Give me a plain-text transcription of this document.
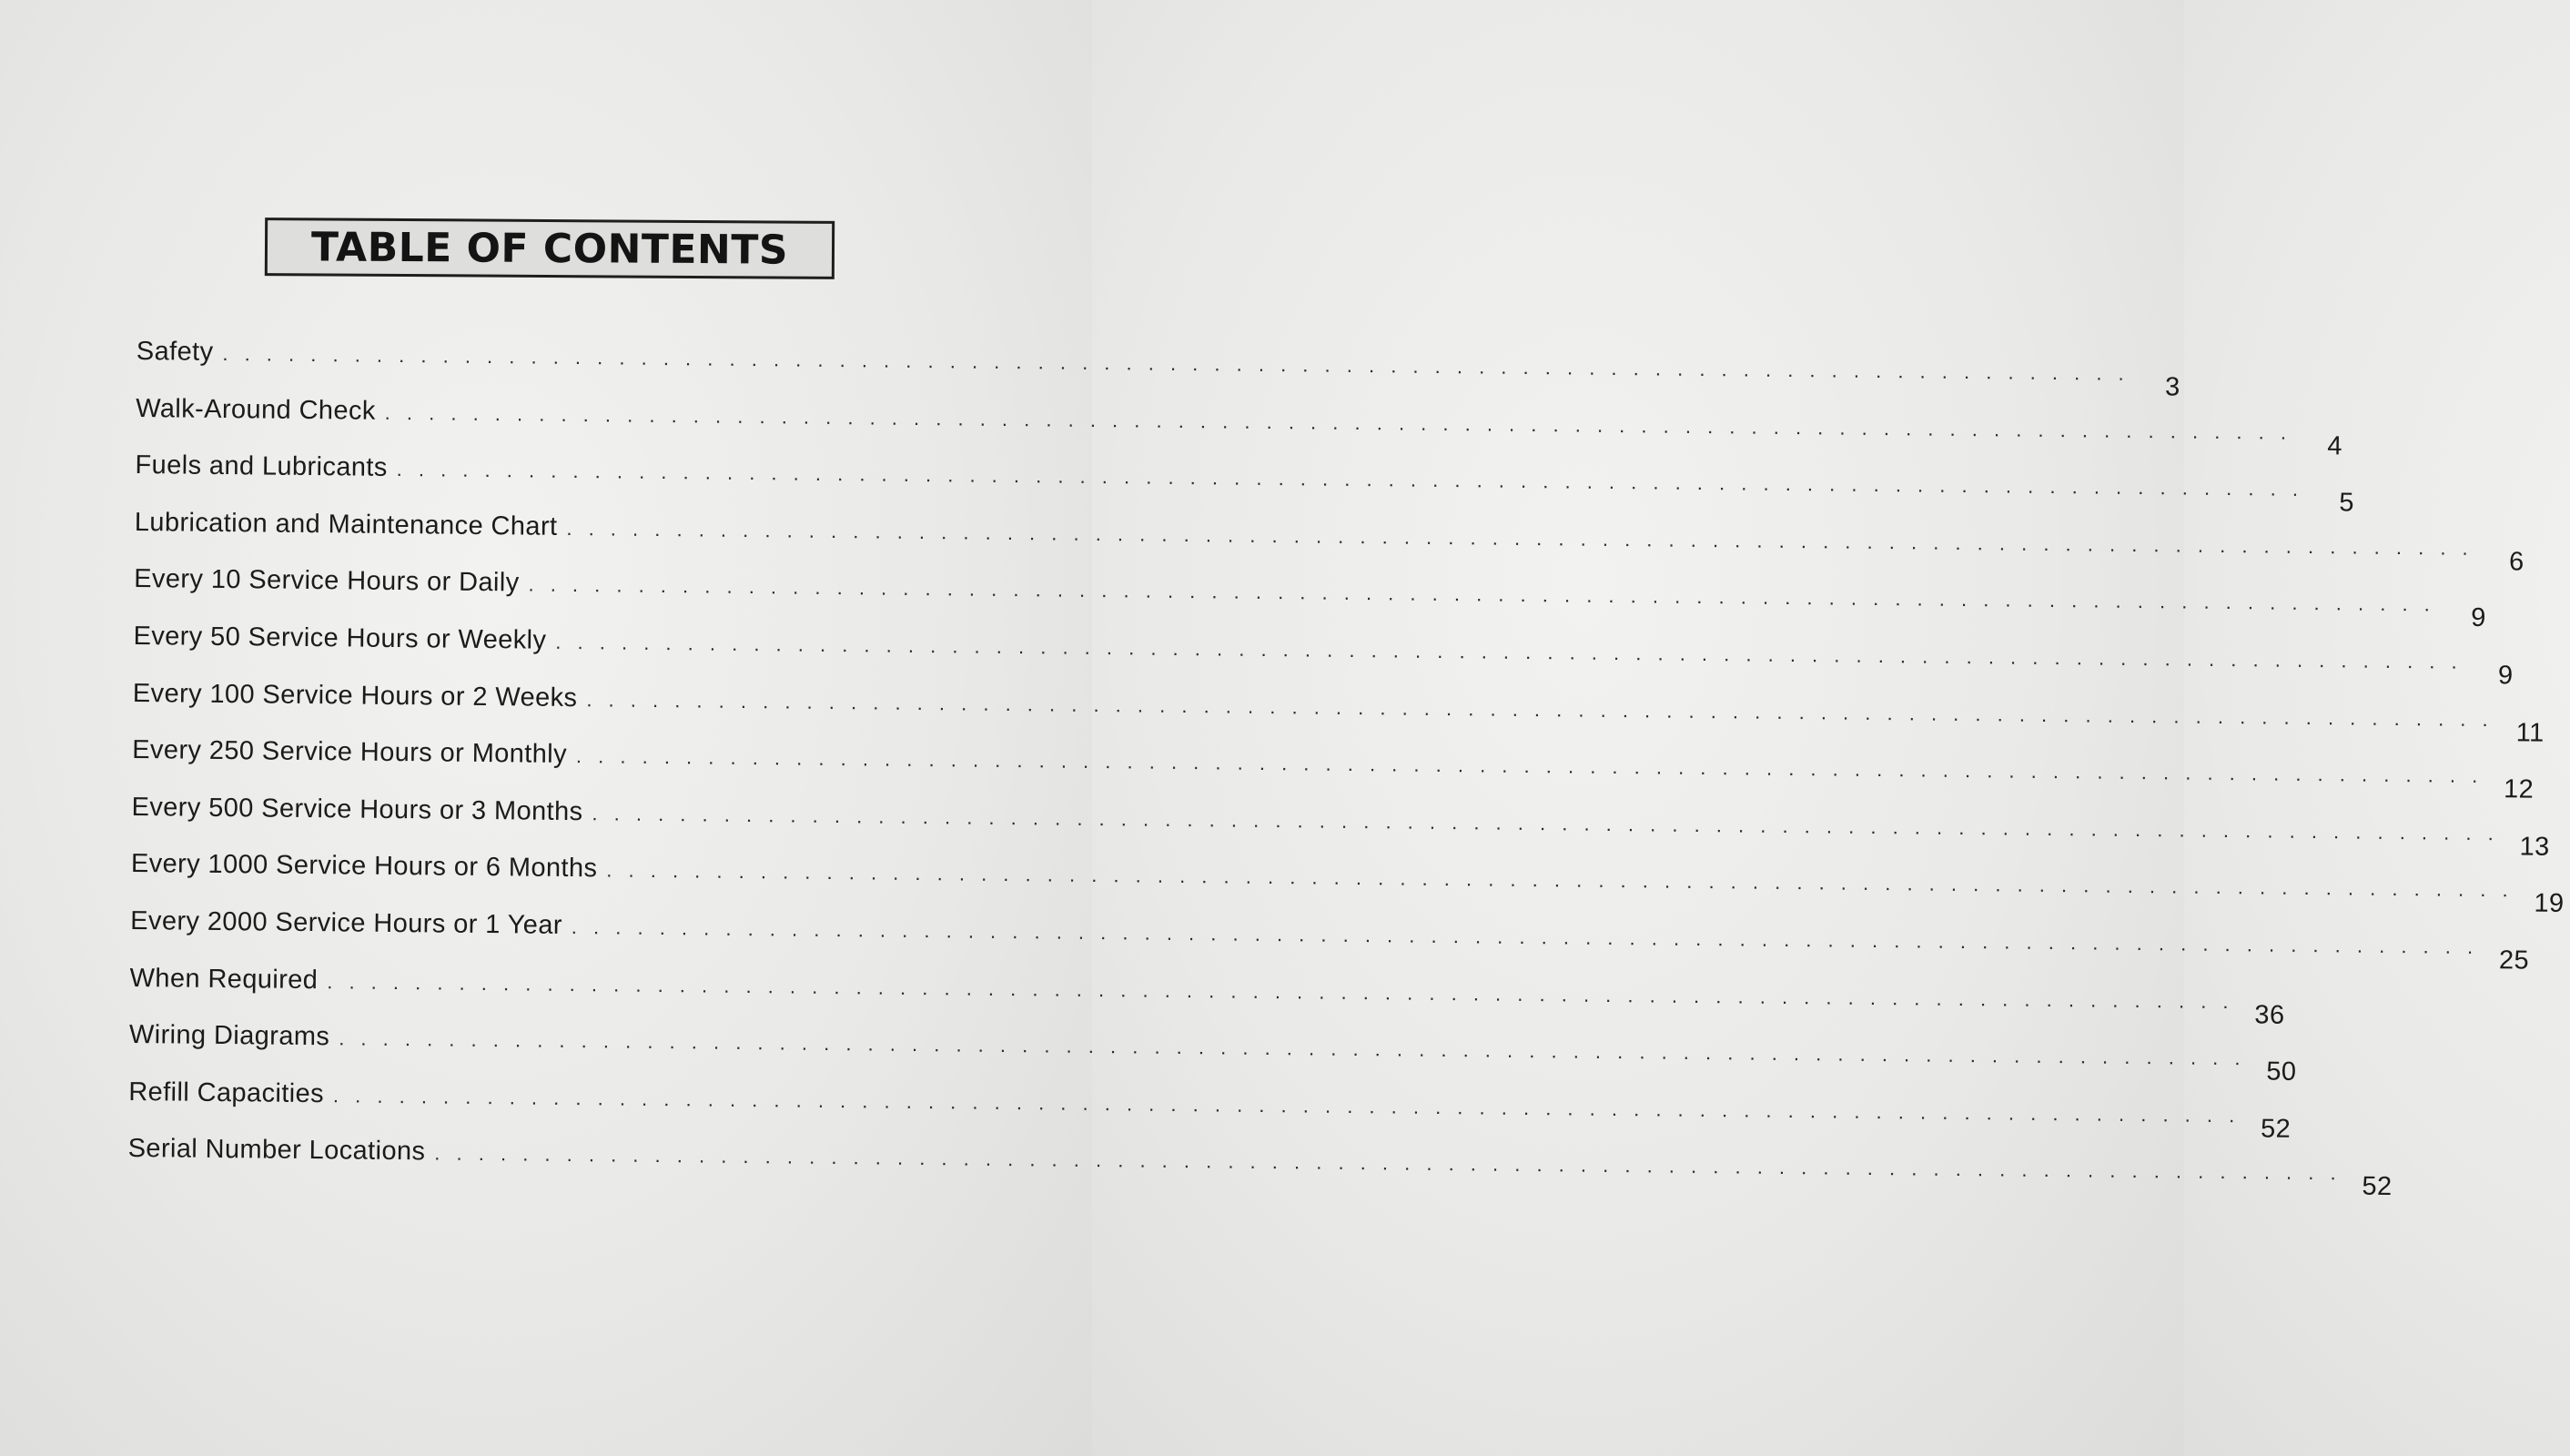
TABLE OF CONTENTS
Safety . . . . . . . . . . . . . . . . . . . . . . . . . . . . . . . . . . . . . . . . . . . . . . . . . . . . . . . . . . . . . . . . . . . . . . . . . . . . . . . . . . . . . . .
3
Walk-Around Check . . . . . . . . . . . . . . . . . . . . . . . . . . . . . . . . . . . . . . . . . . . . . . . . . . . . . . . . . . . . . . . . . . . . . . . . . . . . . . . . . . . . . . .
4
Fuels and Lubricants . . . . . . . . . . . . . . . . . . . . . . . . . . . . . . . . . . . . . . . . . . . . . . . . . . . . . . . . . . . . . . . . . . . . . . . . . . . . . . . . . . . . . . .
5
Lubrication and Maintenance Chart . . . . . . . . . . . . . . . . . . . . . . . . . . . . . . . . . . . . . . . . . . . . . . . . . . . . . . . . . . . . . . . . . . . . . . . . . . . . . . . . . . . . . . .
6
Every 10 Service Hours or Daily . . . . . . . . . . . . . . . . . . . . . . . . . . . . . . . . . . . . . . . . . . . . . . . . . . . . . . . . . . . . . . . . . . . . . . . . . . . . . . . . . . . . . . .
9
Every 50 Service Hours or Weekly . . . . . . . . . . . . . . . . . . . . . . . . . . . . . . . . . . . . . . . . . . . . . . . . . . . . . . . . . . . . . . . . . . . . . . . . . . . . . . . . . . . . . . .
9
Every 100 Service Hours or 2 Weeks . . . . . . . . . . . . . . . . . . . . . . . . . . . . . . . . . . . . . . . . . . . . . . . . . . . . . . . . . . . . . . . . . . . . . . . . . . . . . . . . . . . . . . .
11
Every 250 Service Hours or Monthly . . . . . . . . . . . . . . . . . . . . . . . . . . . . . . . . . . . . . . . . . . . . . . . . . . . . . . . . . . . . . . . . . . . . . . . . . . . . . . . . . . . . . . .
12
Every 500 Service Hours or 3 Months . . . . . . . . . . . . . . . . . . . . . . . . . . . . . . . . . . . . . . . . . . . . . . . . . . . . . . . . . . . . . . . . . . . . . . . . . . . . . . . . . . . . . . .
13
Every 1000 Service Hours or 6 Months . . . . . . . . . . . . . . . . . . . . . . . . . . . . . . . . . . . . . . . . . . . . . . . . . . . . . . . . . . . . . . . . . . . . . . . . . . . . . . . . . . . . . . .
19
Every 2000 Service Hours or 1 Year . . . . . . . . . . . . . . . . . . . . . . . . . . . . . . . . . . . . . . . . . . . . . . . . . . . . . . . . . . . . . . . . . . . . . . . . . . . . . . . . . . . . . . .
25
When Required . . . . . . . . . . . . . . . . . . . . . . . . . . . . . . . . . . . . . . . . . . . . . . . . . . . . . . . . . . . . . . . . . . . . . . . . . . . . . . . . . . . . . . .
36
Wiring Diagrams . . . . . . . . . . . . . . . . . . . . . . . . . . . . . . . . . . . . . . . . . . . . . . . . . . . . . . . . . . . . . . . . . . . . . . . . . . . . . . . . . . . . . . .
50
Refill Capacities . . . . . . . . . . . . . . . . . . . . . . . . . . . . . . . . . . . . . . . . . . . . . . . . . . . . . . . . . . . . . . . . . . . . . . . . . . . . . . . . . . . . . . .
52
Serial Number Locations . . . . . . . . . . . . . . . . . . . . . . . . . . . . . . . . . . . . . . . . . . . . . . . . . . . . . . . . . . . . . . . . . . . . . . . . . . . . . . . . . . . . . . .
52
